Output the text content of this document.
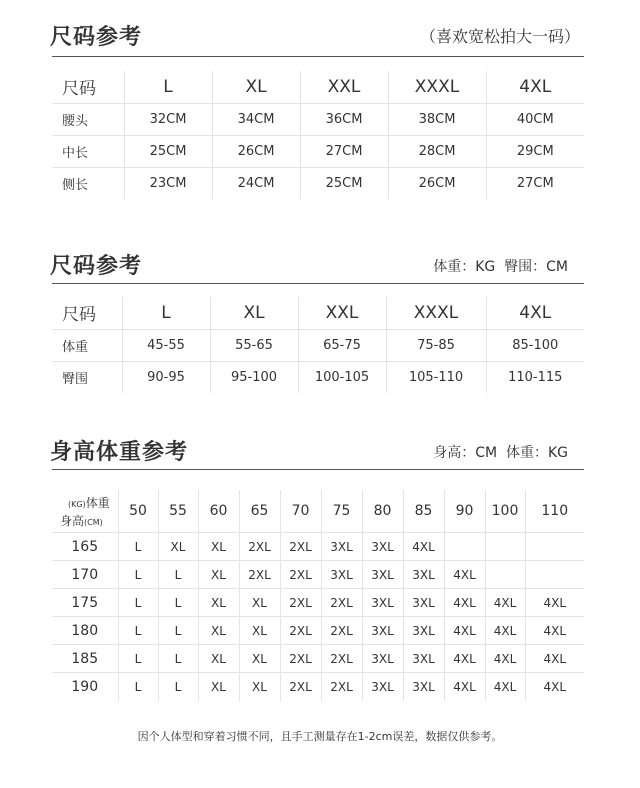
尺码参考	（喜欢宽松拍大一码）
尺码	L	XL	XXL	XXXL	4XL
腰头	32CM	34CM	36CM	38CM	40CM
中长	25CM	26CM	27CM	28CM	29CM
侧长	23CM	24CM	25CM	26CM	27CM
尺码参考	体重：KG  臀围：CM
尺码	L	XL	XXL	XXXL	4XL
体重	45-55	55-65	65-75	75-85	85-100
臀围	90-95	95-100	100-105	105-110	110-115
身高体重参考	身高：CM  体重：KG
(KG)体重
身高(CM)	50	55	60	65	70	75	80	85	90	100	110
165	L	XL	XL	2XL	2XL	3XL	3XL	4XL			
170	L	L	XL	2XL	2XL	3XL	3XL	3XL	4XL		
175	L	L	XL	XL	2XL	2XL	3XL	3XL	4XL	4XL	4XL
180	L	L	XL	XL	2XL	2XL	3XL	3XL	4XL	4XL	4XL
185	L	L	XL	XL	2XL	2XL	3XL	3XL	4XL	4XL	4XL
190	L	L	XL	XL	2XL	2XL	3XL	3XL	4XL	4XL	4XL
因个人体型和穿着习惯不同，且手工测量存在1-2cm误差，数据仅供参考。
